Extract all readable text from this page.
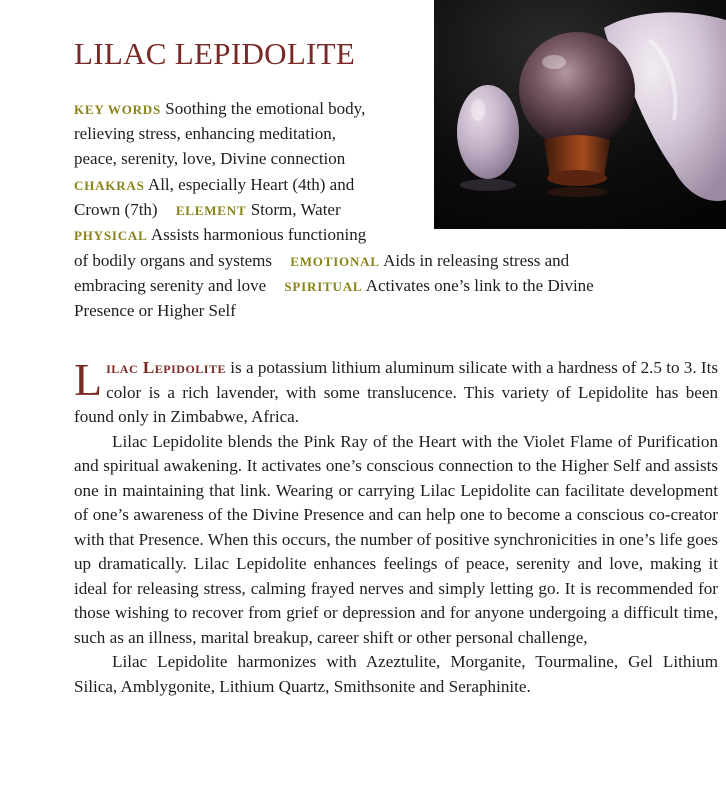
LILAC LEPIDOLITE
KEY WORDS Soothing the emotional body,
relieving stress, enhancing meditation,
peace, serenity, love, Divine connection
CHAKRAS All, especially Heart (4th) and
Crown (7th) ELEMENT Storm, Water
PHYSICAL Assists harmonious functioning
of bodily organs and systems EMOTIONAL Aids in releasing stress and
embracing serenity and love SPIRITUAL Activates one’s link to the Divine
Presence or Higher Self

Lilac Lepidolite is a potassium lithium aluminum silicate with a hardness of 2.5 to 3. Its color is a rich lavender, with some translucence. This variety of Lepidolite has been found only in Zimbabwe, Africa.

Lilac Lepidolite blends the Pink Ray of the Heart with the Violet Flame of Purification and spiritual awakening. It activates one’s conscious connection to the Higher Self and assists one in maintaining that link. Wearing or carrying Lilac Lepidolite can facilitate development of one’s awareness of the Divine Presence and can help one to become a conscious co-creator with that Presence. When this occurs, the number of positive synchronicities in one’s life goes up dramatically. Lilac Lepidolite enhances feelings of peace, serenity and love, making it ideal for releasing stress, calming frayed nerves and simply letting go. It is recommended for those wishing to recover from grief or depression and for anyone undergoing a difficult time, such as an illness, marital breakup, career shift or other personal challenge,

Lilac Lepidolite harmonizes with Azeztulite, Morganite, Tourmaline, Gel Lithium Silica, Amblygonite, Lithium Quartz, Smithsonite and Seraphinite.
